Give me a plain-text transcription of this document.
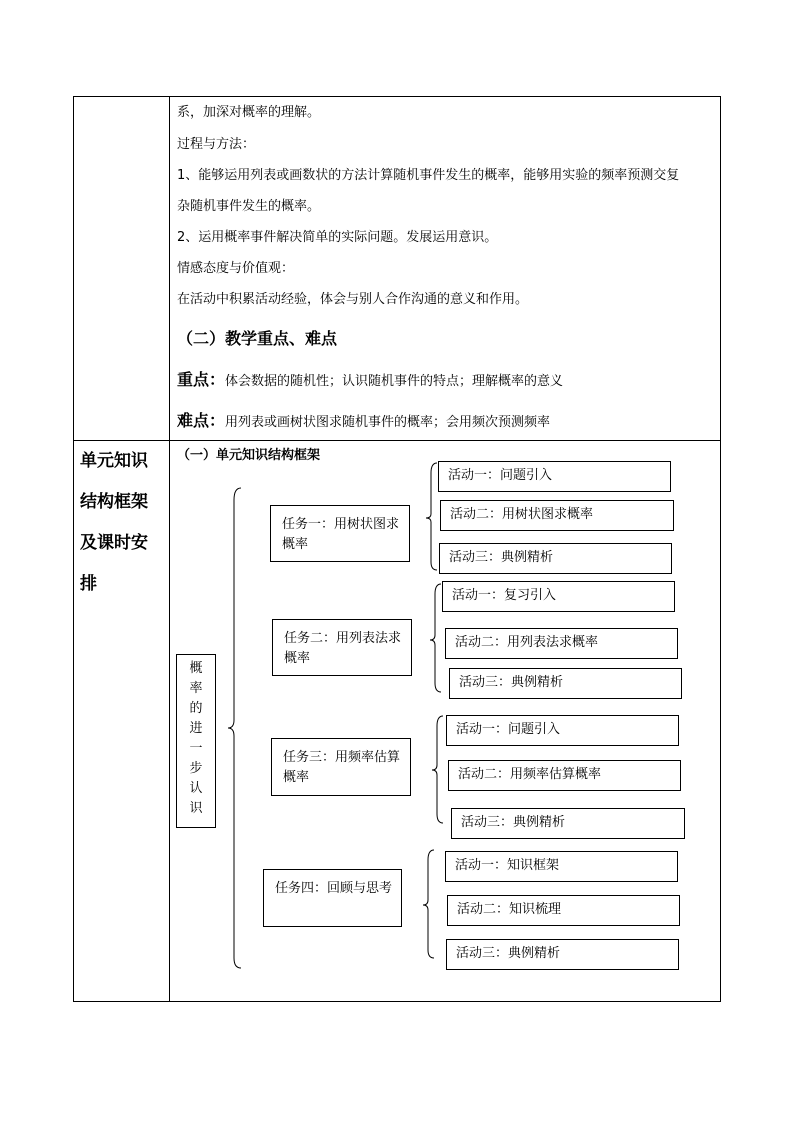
系，加深对概率的理解。
过程与方法：
1、能够运用列表或画数状的方法计算随机事件发生的概率，能够用实验的频率预测交复
杂随机事件发生的概率。
2、运用概率事件解决简单的实际问题。发展运用意识。
情感态度与价值观：
在活动中积累活动经验，体会与别人合作沟通的意义和作用。
（二）教学重点、难点
重点：体会数据的随机性；认识随机事件的特点；理解概率的意义
难点：用列表或画树状图求随机事件的概率；会用频次预测频率
单元知识
结构框架
及课时安
排
（一）单元知识结构框架
概
率
的
进
一
步
认
识
任务一：用树状图求概率
任务二：用列表法求概率
任务三：用频率估算概率
任务四：回顾与思考
活动一：问题引入
活动二：用树状图求概率
活动三：典例精析
活动一：复习引入
活动二：用列表法求概率
活动三：典例精析
活动一：问题引入
活动二：用频率估算概率
活动三：典例精析
活动一：知识框架
活动二：知识梳理
活动三：典例精析
